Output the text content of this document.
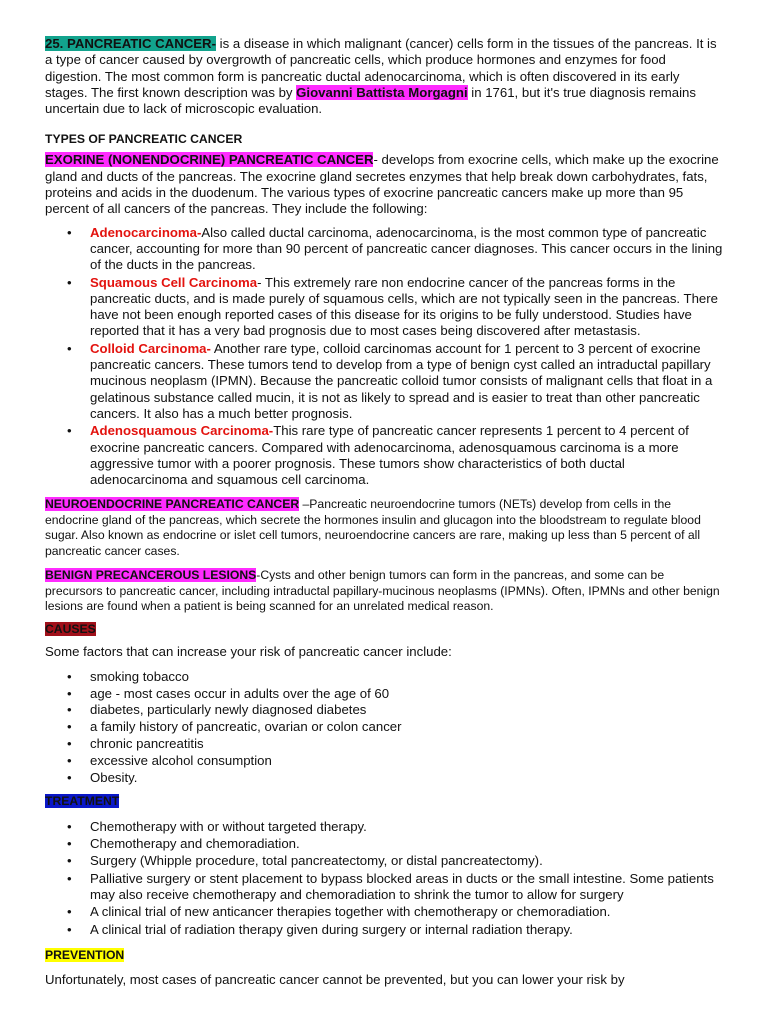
25. PANCREATIC CANCER- is a disease in which malignant (cancer) cells form in the tissues of the pancreas. It is a type of cancer caused by overgrowth of pancreatic cells, which produce hormones and enzymes for food digestion. The most common form is pancreatic ductal adenocarcinoma, which is often discovered in its early stages. The first known description was by Giovanni Battista Morgagni in 1761, but it's true diagnosis remains uncertain due to lack of microscopic evaluation.

TYPES OF PANCREATIC CANCER

EXORINE (NONENDOCRINE) PANCREATIC CANCER- develops from exocrine cells, which make up the exocrine gland and ducts of the pancreas. The exocrine gland secretes enzymes that help break down carbohydrates, fats, proteins and acids in the duodenum. The various types of exocrine pancreatic cancers make up more than 95 percent of all cancers of the pancreas. They include the following:

• Adenocarcinoma-Also called ductal carcinoma, adenocarcinoma, is the most common type of pancreatic cancer, accounting for more than 90 percent of pancreatic cancer diagnoses. This cancer occurs in the lining of the ducts in the pancreas.
• Squamous Cell Carcinoma- This extremely rare non endocrine cancer of the pancreas forms in the pancreatic ducts, and is made purely of squamous cells, which are not typically seen in the pancreas. There have not been enough reported cases of this disease for its origins to be fully understood. Studies have reported that it has a very bad prognosis due to most cases being discovered after metastasis.
• Colloid Carcinoma- Another rare type, colloid carcinomas account for 1 percent to 3 percent of exocrine pancreatic cancers. These tumors tend to develop from a type of benign cyst called an intraductal papillary mucinous neoplasm (IPMN). Because the pancreatic colloid tumor consists of malignant cells that float in a gelatinous substance called mucin, it is not as likely to spread and is easier to treat than other pancreatic cancers. It also has a much better prognosis.
• Adenosquamous Carcinoma-This rare type of pancreatic cancer represents 1 percent to 4 percent of exocrine pancreatic cancers. Compared with adenocarcinoma, adenosquamous carcinoma is a more aggressive tumor with a poorer prognosis. These tumors show characteristics of both ductal adenocarcinoma and squamous cell carcinoma.

NEUROENDOCRINE PANCREATIC CANCER –Pancreatic neuroendocrine tumors (NETs) develop from cells in the endocrine gland of the pancreas, which secrete the hormones insulin and glucagon into the bloodstream to regulate blood sugar. Also known as endocrine or islet cell tumors, neuroendocrine cancers are rare, making up less than 5 percent of all pancreatic cancer cases.

BENIGN PRECANCEROUS LESIONS-Cysts and other benign tumors can form in the pancreas, and some can be precursors to pancreatic cancer, including intraductal papillary-mucinous neoplasms (IPMNs). Often, IPMNs and other benign lesions are found when a patient is being scanned for an unrelated medical reason.

CAUSES

Some factors that can increase your risk of pancreatic cancer include:

• smoking tobacco
• age - most cases occur in adults over the age of 60
• diabetes, particularly newly diagnosed diabetes
• a family history of pancreatic, ovarian or colon cancer
• chronic pancreatitis
• excessive alcohol consumption
• Obesity.

TREATMENT

• Chemotherapy with or without targeted therapy.
• Chemotherapy and chemoradiation.
• Surgery (Whipple procedure, total pancreatectomy, or distal pancreatectomy).
• Palliative surgery or stent placement to bypass blocked areas in ducts or the small intestine. Some patients may also receive chemotherapy and chemoradiation to shrink the tumor to allow for surgery
• A clinical trial of new anticancer therapies together with chemotherapy or chemoradiation.
• A clinical trial of radiation therapy given during surgery or internal radiation therapy.

PREVENTION

Unfortunately, most cases of pancreatic cancer cannot be prevented, but you can lower your risk by
